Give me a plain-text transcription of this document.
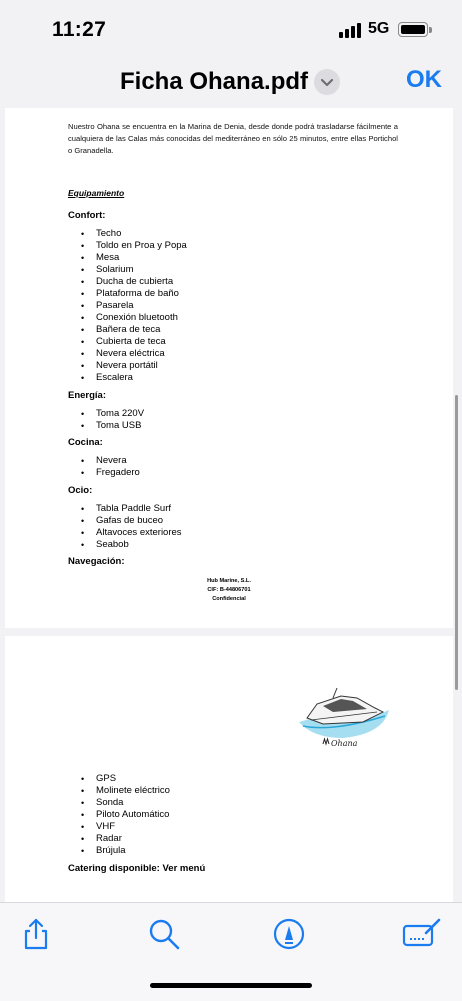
11:27	5G
Ficha Ohana.pdf	OK
Nuestro Ohana se encuentra en la Marina de Denia, desde donde podrá trasladarse fácilmente a cualquiera de las Calas más conocidas del mediterráneo en sólo 25 minutos, entre ellas Portichol o Granadella.
Equipamiento
Confort:
• Techo
• Toldo en Proa y Popa
• Mesa
• Solarium
• Ducha de cubierta
• Plataforma de baño
• Pasarela
• Conexión bluetooth
• Bañera de teca
• Cubierta de teca
• Nevera eléctrica
• Nevera portátil
• Escalera
Energía:
• Toma 220V
• Toma USB
Cocina:
• Nevera
• Fregadero
Ocio:
• Tabla Paddle Surf
• Gafas de buceo
• Altavoces exteriores
• Seabob
Navegación:
Hub Marine, S.L.
CIF: B-44806701
Confidencial
Ohana
• GPS
• Molinete eléctrico
• Sonda
• Piloto Automático
• VHF
• Radar
• Brújula
Catering disponible: Ver menú
